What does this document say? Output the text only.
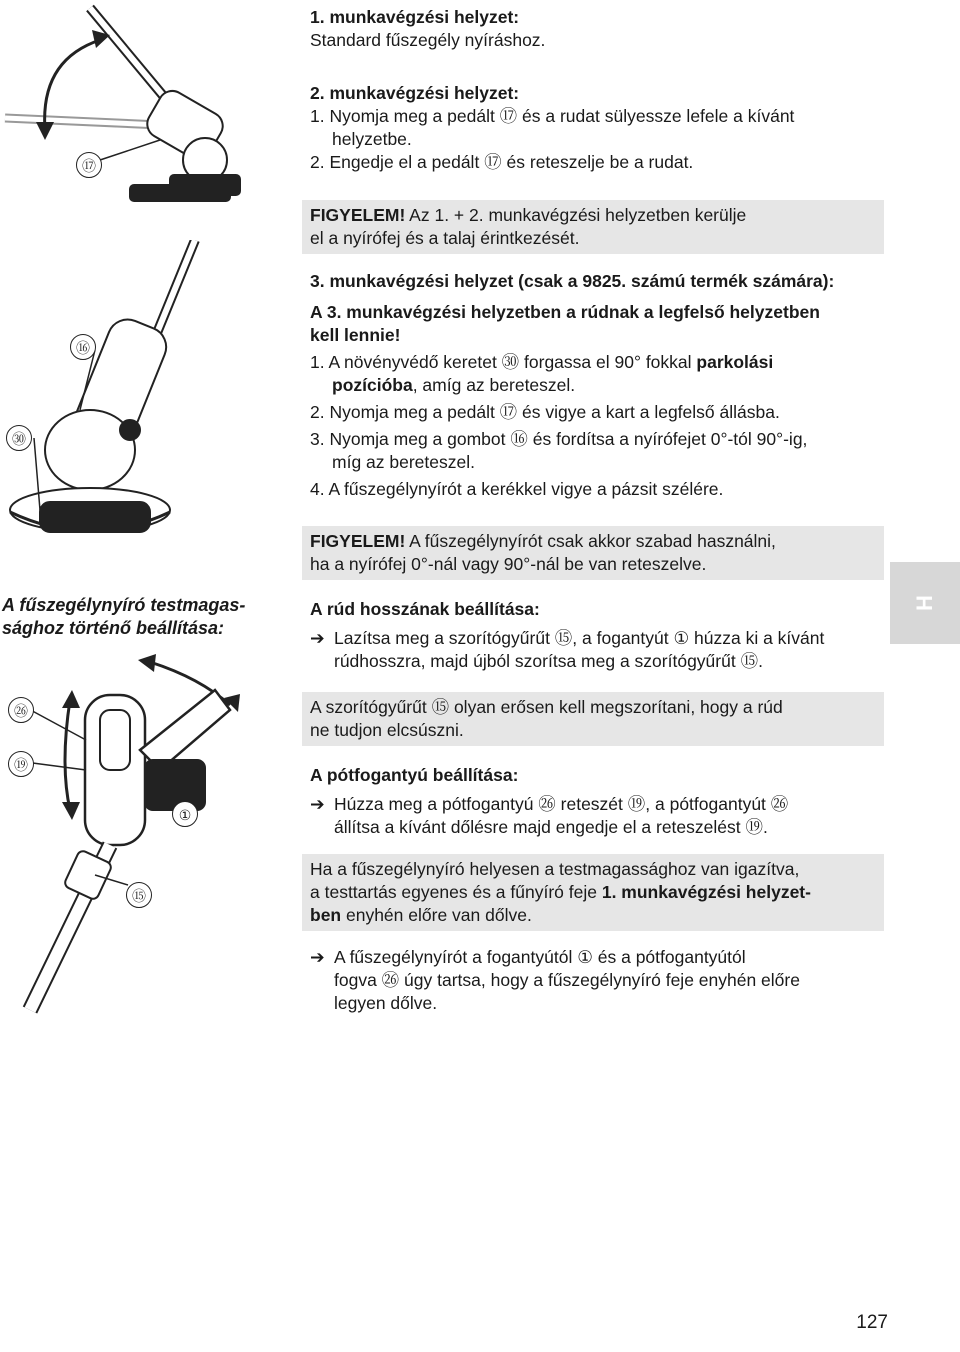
⑰
⑯
㉚
A fűszegélynyíró testmagassághoz történő beállítása:
㉖
⑲
①
⑮

1. munkavégzési helyzet:

Standard fűszegély nyíráshoz.

2. munkavégzési helyzet:

1. Nyomja meg a pedált ⑰ és a rudat sülyessze lefele a kívánt

helyzetbe.

2. Engedje el a pedált ⑰ és reteszelje be a rudat.

FIGYELEM! Az 1. + 2. munkavégzési helyzetben kerülje

el a nyírófej és a talaj érintkezését.

3. munkavégzési helyzet (csak a 9825. számú termék számára):

A 3. munkavégzési helyzetben a rúdnak a legfelső helyzetben

kell lennie!

1. A növényvédő keretet ㉚ forgassa el 90° fokkal parkolási

pozícióba, amíg az bereteszel.

2. Nyomja meg a pedált ⑰ és vigye a kart a legfelső állásba.

3. Nyomja meg a gombot ⑯ és fordítsa a nyírófejet 0°-tól 90°-ig,

míg az bereteszel.

4. A fűszegélynyírót a kerékkel vigye a pázsit szélére.

FIGYELEM! A fűszegélynyírót csak akkor szabad használni,

ha a nyírófej 0°-nál vagy 90°-nál be van reteszelve.

A rúd hosszának beállítása:

➔ Lazítsa meg a szorítógyűrűt ⑮, a fogantyút ① húzza ki a kívánt

rúdhosszra, majd újból szorítsa meg a szorítógyűrűt ⑮.

A szorítógyűrűt ⑮ olyan erősen kell megszorítani, hogy a rúd

ne tudjon elcsúszni.

A pótfogantyú beállítása:

➔ Húzza meg a pótfogantyú ㉖ reteszét ⑲, a pótfogantyút ㉖

állítsa a kívánt dőlésre majd engedje el a reteszelést ⑲.

Ha a fűszegélynyíró helyesen a testmagassághoz van igazítva,

a testtartás egyenes és a fűnyíró feje 1. munkavégzési helyzet-

ben enyhén előre van dőlve.

➔ A fűszegélynyírót a fogantyútól ① és a pótfogantyútól

fogva ㉖ úgy tartsa, hogy a fűszegélynyíró feje enyhén előre

legyen dőlve.

H
127
